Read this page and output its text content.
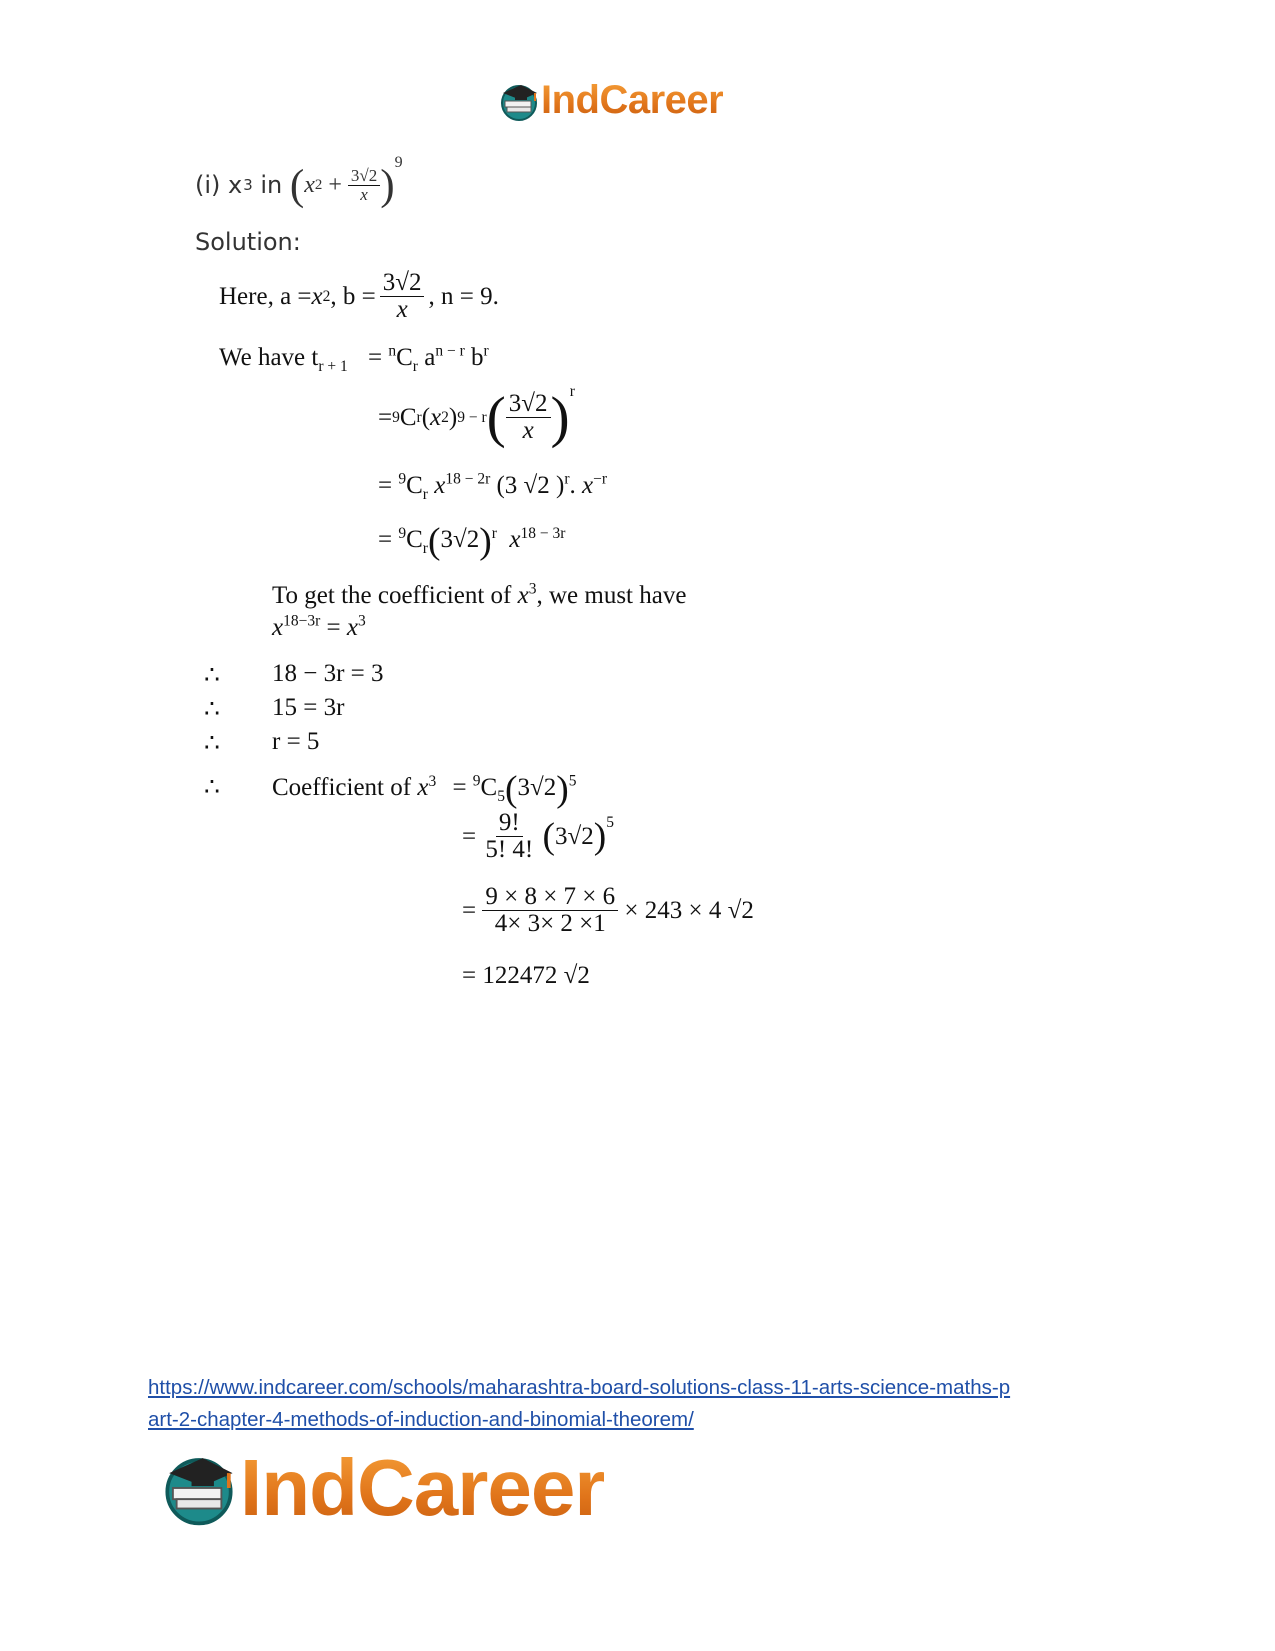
IndCareer
(i) x 3
in
( x $2 + \frac{3√2}{x} )^9$
Solution:
Here, a = x 2 , $b = \frac{3√2}{x}$ , n = 9.
We have $t_{r + 1} = ^nC_r$ $a^{n - r}$ $b^r$
= 9 C r ( x 2 ) 9 − r ( $\frac{3√2}{x} )^r$
= $^9C_r$ $x^{18 - 2r}$ (3 √2 )$^r$. $x^{-r}$
= $^9C_r(3√2)^r$ $x^{18 - 3r}$
To get the coefficient of $x^3$, we must have
$x^{18-3r} = x^3$
∴ 18 − 3r = 3
∴ 15 = 3r
∴ r = 5
∴ Coefficient of $x^3 = ^9C_5(3√2)^5$
= $\frac{9!}{5! 4!}$
( 3√2 )$^5$
= $\frac{9 \times 8 \times 7 \times 6}{4\times 3\times 2 \times 1}$
× 243 × 4 √2
= 122472 √2
https://www.indcareer.com/schools/maharashtra-board-solutions-class-11-arts-science-maths-p
art-2-chapter-4-methods-of-induction-and-binomial-theorem/
IndCareer
